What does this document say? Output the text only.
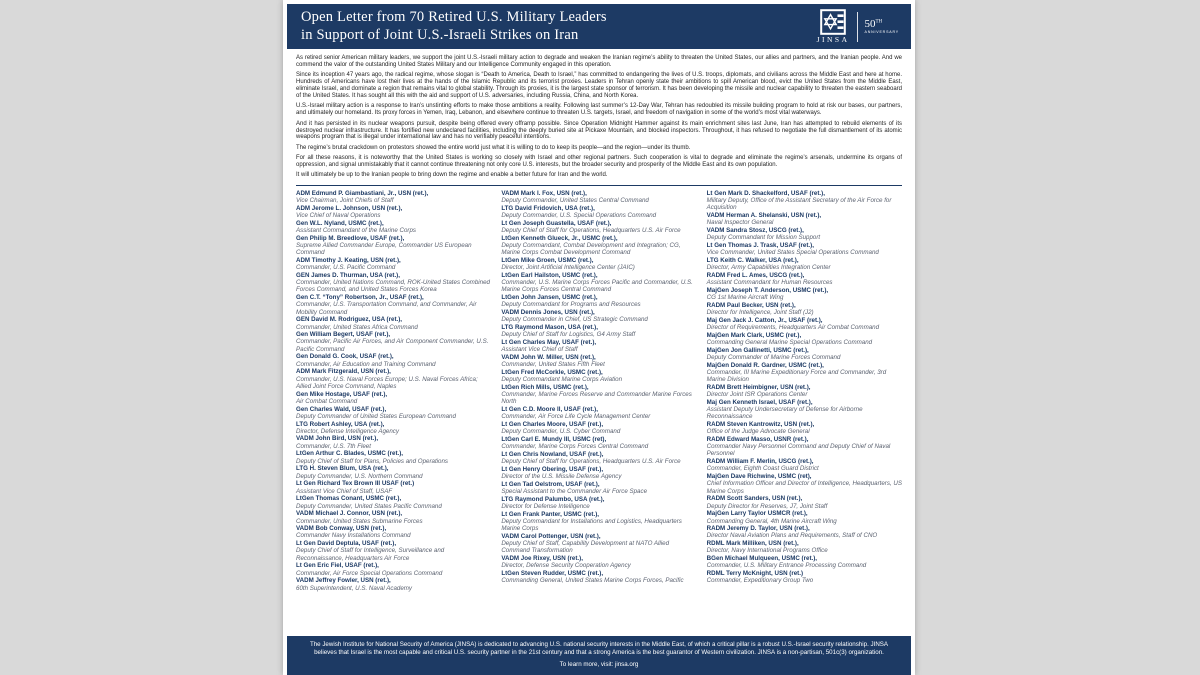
Open Letter from 70 Retired U.S. Military Leaders
in Support of Joint U.S.-Israeli Strikes on Iran	JINSA
50TH
ANNIVERSARY

As retired senior American military leaders, we support the joint U.S.-Israeli military action to degrade and weaken the Iranian regime’s ability to threaten the United States, our allies and partners, and the Iranian people. And we commend the valor of the outstanding United States Military and our Intelligence Community engaged in this operation.

Since its inception 47 years ago, the radical regime, whose slogan is “Death to America, Death to Israel,” has committed to endangering the lives of U.S. troops, diplomats, and civilians across the Middle East and here at home. Hundreds of Americans have lost their lives at the hands of the Islamic Republic and its terrorist proxies. Leaders in Tehran openly state their ambitions to spill American blood, evict the United States from the Middle East, eliminate Israel, and dominate a region that remains vital to global stability. Through its proxies, it is the largest state sponsor of terrorism. It has been developing the missile and nuclear capability to threaten the eastern seaboard of the United States. It has sought all this with the aid and support of U.S. adversaries, including Russia, China, and North Korea.

U.S.-Israel military action is a response to Iran’s unstinting efforts to make those ambitions a reality. Following last summer’s 12-Day War, Tehran has redoubled its missile building program to hold at risk our bases, our partners, and ultimately our homeland. Its proxy forces in Yemen, Iraq, Lebanon, and elsewhere continue to threaten U.S. targets, Israel, and freedom of navigation in some of the world’s most vital waterways.

And it has persisted in its nuclear weapons pursuit, despite being offered every offramp possible. Since Operation Midnight Hammer against its main enrichment sites last June, Iran has attempted to rebuild elements of its destroyed nuclear infrastructure. It has fortified new undeclared facilities, including the deeply buried site at Pickaxe Mountain, and blocked inspectors. Throughout, it has refused to negotiate the full dismantlement of its atomic weapons program that is illegal under international law and has no verifiably peaceful intentions.

The regime’s brutal crackdown on protestors showed the entire world just what it is willing to do to keep its people—and the region—under its thumb.

For all these reasons, it is noteworthy that the United States is working so closely with Israel and other regional partners. Such cooperation is vital to degrade and eliminate the regime’s arsenals, undermine its organs of oppression, and signal unmistakably that it cannot continue threatening not only core U.S. interests, but the broader security and prosperity of the Middle East and its own population.

It will ultimately be up to the Iranian people to bring down the regime and enable a better future for Iran and the world.

ADM Edmund P. Giambastiani, Jr., USN (ret.),
Vice Chairman, Joint Chiefs of Staff
ADM Jerome L. Johnson, USN (ret.),
Vice Chief of Naval Operations
Gen W.L. Nyland, USMC (ret.),
Assistant Commandant of the Marine Corps
Gen Philip M. Breedlove, USAF (ret.),
Supreme Allied Commander Europe, Commander US European Command
ADM Timothy J. Keating, USN (ret.),
Commander, U.S. Pacific Command
GEN James D. Thurman, USA (ret.),
Commander, United Nations Command, ROK-United States Combined Forces Command, and United States Forces Korea
Gen C.T. “Tony” Robertson, Jr., USAF (ret.),
Commander, U.S. Transportation Command, and Commander, Air Mobility Command
GEN David M. Rodriguez, USA (ret.),
Commander, United States Africa Command
Gen William Begert, USAF (ret.),
Commander, Pacific Air Forces, and Air Component Commander, U.S. Pacific Command
Gen Donald G. Cook, USAF (ret.),
Commander, Air Education and Training Command
ADM Mark Fitzgerald, USN (ret.),
Commander, U.S. Naval Forces Europe; U.S. Naval Forces Africa; Allied Joint Force Command, Naples
Gen Mike Hostage, USAF (ret.),
Air Combat Command
Gen Charles Wald, USAF (ret.),
Deputy Commander of United States European Command
LTG Robert Ashley, USA (ret.),
Director, Defense Intelligence Agency
VADM John Bird, USN (ret.),
Commander, U.S. 7th Fleet
LtGen Arthur C. Blades, USMC (ret.),
Deputy Chief of Staff for Plans, Policies and Operations
LTG H. Steven Blum, USA (ret.),
Deputy Commander, U.S. Northern Command
Lt Gen Richard Tex Brown III USAF (ret.)
Assistant Vice Chief of Staff, USAF
LtGen Thomas Conant, USMC (ret.),
Deputy Commander, United States Pacific Command
VADM Michael J. Connor, USN (ret.),
Commander, United States Submarine Forces
VADM Bob Conway, USN (ret.),
Commander Navy Installations Command
Lt Gen David Deptula, USAF (ret.),
Deputy Chief of Staff for Intelligence, Surveillance and Reconnaissance, Headquarters Air Force
Lt Gen Eric Fiel, USAF (ret.),
Commander, Air Force Special Operations Command
VADM Jeffrey Fowler, USN (ret.),
60th Superintendent, U.S. Naval Academy
VADM Mark I. Fox, USN (ret.),
Deputy Commander, United States Central Command
LTG David Fridovich, USA (ret.),
Deputy Commander, U.S. Special Operations Command
Lt Gen Joseph Guastella, USAF (ret.),
Deputy Chief of Staff for Operations, Headquarters U.S. Air Force
LtGen Kenneth Glueck, Jr., USMC (ret.),
Deputy Commandant, Combat Development and Integration; CG, Marine Corps Combat Development Command
LtGen Mike Groen, USMC (ret.),
Director, Joint Artificial Intelligence Center (JAIC)
LtGen Earl Hailston, USMC (ret.),
Commander, U.S. Marine Corps Forces Pacific and Commander, U.S. Marine Corps Forces Central Command
LtGen John Jansen, USMC (ret.),
Deputy Commandant for Programs and Resources
VADM Dennis Jones, USN (ret.),
Deputy Commander in Chief, US Strategic Command
LTG Raymond Mason, USA (ret.),
Deputy Chief of Staff for Logistics, G4 Army Staff
Lt Gen Charles May, USAF (ret.),
Assistant Vice Chief of Staff
VADM John W. Miller, USN (ret.),
Commander, United States Fifth Fleet
LtGen Fred McCorkle, USMC (ret.),
Deputy Commandant Marine Corps Aviation
LtGen Rich Mills, USMC (ret.),
Commander, Marine Forces Reserve and Commander Marine Forces North
Lt Gen C.D. Moore II, USAF (ret.),
Commander, Air Force Life Cycle Management Center
Lt Gen Charles Moore, USAF (ret.),
Deputy Commander, U.S. Cyber Command
LtGen Carl E. Mundy III, USMC (ret),
Commander, Marine Corps Forces Central Command
Lt Gen Chris Nowland, USAF (ret.),
Deputy Chief of Staff for Operations, Headquarters U.S. Air Force
Lt Gen Henry Obering, USAF (ret.),
Director of the U.S. Missile Defense Agency
Lt Gen Tad Oelstrom, USAF (ret.),
Special Assistant to the Commander Air Force Space
LTG Raymond Palumbo, USA (ret.),
Director for Defense Intelligence
Lt Gen Frank Panter, USMC (ret.),
Deputy Commandant for Installations and Logistics, Headquarters Marine Corps
VADM Carol Pottenger, USN (ret.),
Deputy Chief of Staff, Capability Development at NATO Allied Command Transformation
VADM Joe Rixey, USN (ret.),
Director, Defense Security Cooperation Agency
LtGen Steven Rudder, USMC (ret.),
Commanding General, United States Marine Corps Forces, Pacific
Lt Gen Mark D. Shackelford, USAF (ret.),
Military Deputy, Office of the Assistant Secretary of the Air Force for Acquisition
VADM Herman A. Shelanski, USN (ret.),
Naval Inspector General
VADM Sandra Stosz, USCG (ret.),
Deputy Commandant for Mission Support
Lt Gen Thomas J. Trask, USAF (ret.),
Vice Commander, United States Special Operations Command
LTG Keith C. Walker, USA (ret.),
Director, Army Capabilities Integration Center
RADM Fred L. Ames, USCG (ret.),
Assistant Commandant for Human Resources
MajGen Joseph T. Anderson, USMC (ret.),
CG 1st Marine Aircraft Wing
RADM Paul Becker, USN (ret.),
Director for Intelligence, Joint Staff (J2)
Maj Gen Jack J. Catton, Jr., USAF (ret.),
Director of Requirements, Headquarters Air Combat Command
MajGen Mark Clark, USMC (ret.),
Commanding General Marine Special Operations Command
MajGen Jon Gallinetti, USMC (ret.),
Deputy Commander of Marine Forces Command
MajGen Donald R. Gardner, USMC (ret.),
Commander, III Marine Expeditionary Force and Commander, 3rd Marine Division
RADM Brett Heimbigner, USN (ret.),
Director Joint ISR Operations Center
Maj Gen Kenneth Israel, USAF (ret.),
Assistant Deputy Undersecretary of Defense for Airborne Reconnaissance
RADM Steven Kantrowitz, USN (ret.),
Office of the Judge Advocate General
RADM Edward Masso, USNR (ret.),
Commander Navy Personnel Command and Deputy Chief of Naval Personnel
RADM William F. Merlin, USCG (ret.),
Commander, Eighth Coast Guard District
MajGen Dave Richwine, USMC (ret),
Chief Information Officer and Director of Intelligence, Headquarters, US Marine Corps
RADM Scott Sanders, USN (ret.),
Deputy Director for Reserves, J7, Joint Staff
MajGen Larry Taylor USMCR (ret.),
Commanding General, 4th Marine Aircraft Wing
RADM Jeremy D. Taylor, USN (ret.),
Director Naval Aviation Plans and Requirements, Staff of CNO
RDML Mark Milliken, USN (ret.),
Director, Navy International Programs Office
BGen Michael Mulqueen, USMC (ret.),
Commander, U.S. Military Entrance Processing Command
RDML Terry McKnight, USN (ret.)
Commander, Expeditionary Group Two
The Jewish Institute for National Security of America (JINSA) is dedicated to advancing U.S. national security interests in the Middle East, of which a critical pillar is a robust U.S.-Israel security relationship. JINSA believes that Israel is the most capable and critical U.S. security partner in the 21st century and that a strong America is the best guarantor of Western civilization. JINSA is a non-partisan, 501c(3) organization.
To learn more, visit: jinsa.org
